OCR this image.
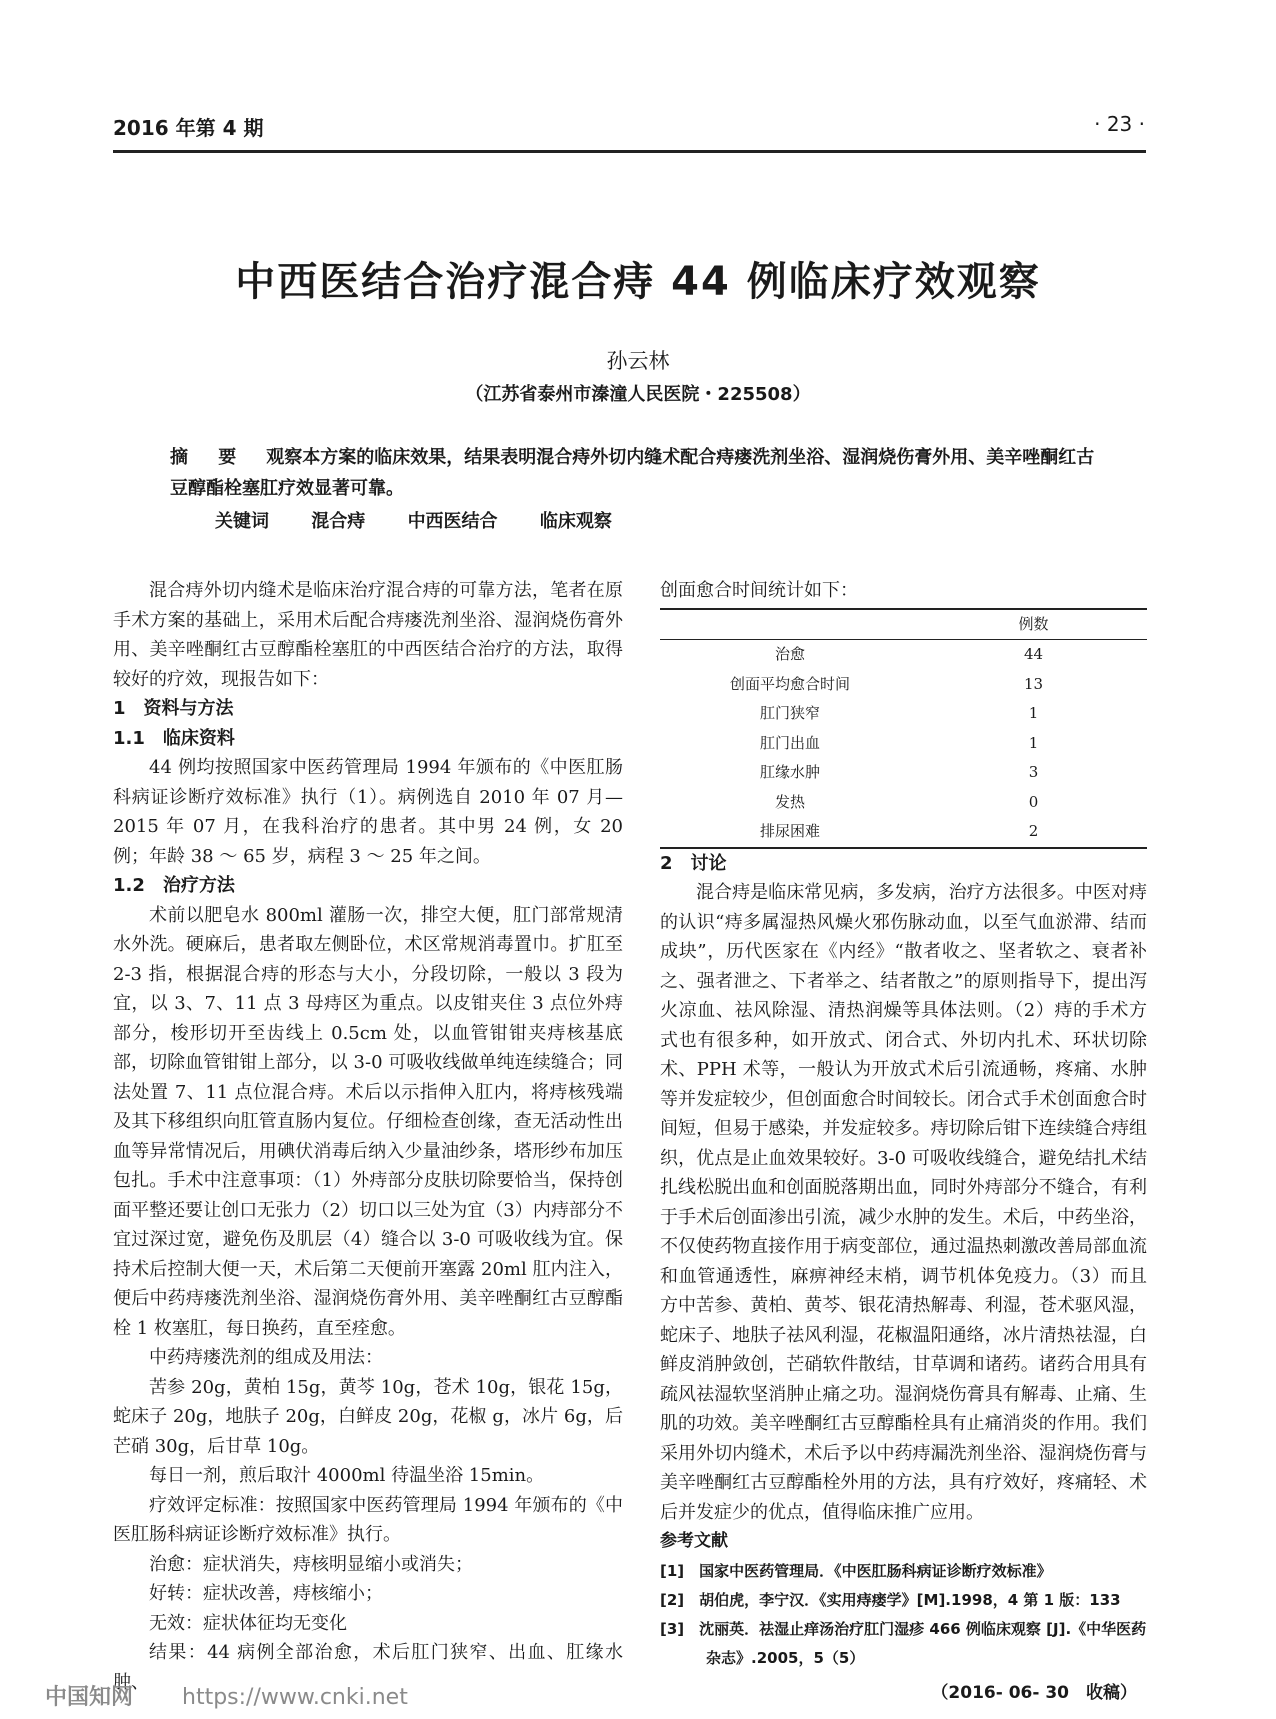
2016 年第 4 期	· 23 ·
中西医结合治疗混合痔 44 例临床疗效观察
孙云林
（江苏省泰州市溱潼人民医院・225508）
摘 要 观察本方案的临床效果，结果表明混合痔外切内缝术配合痔瘘洗剂坐浴、湿润烧伤膏外用、美辛唑酮红古豆醇酯栓塞肛疗效显著可靠。
关键词 混合痔 中西医结合 临床观察

混合痔外切内缝术是临床治疗混合痔的可靠方法，笔者在原手术方案的基础上，采用术后配合痔瘘洗剂坐浴、湿润烧伤膏外用、美辛唑酮红古豆醇酯栓塞肛的中西医结合治疗的方法，取得较好的疗效，现报告如下：

1　资料与方法

1.1　临床资料

44 例均按照国家中医药管理局 1994 年颁布的《中医肛肠科病证诊断疗效标准》执行（1）。病例选自 2010 年 07 月—2015 年 07 月，在我科治疗的患者。其中男 24 例，女 20 例；年龄 38 ～ 65 岁，病程 3 ～ 25 年之间。

1.2　治疗方法

术前以肥皂水 800ml 灌肠一次，排空大便，肛门部常规清水外洗。硬麻后，患者取左侧卧位，术区常规消毒置巾。扩肛至 2-3 指，根据混合痔的形态与大小，分段切除，一般以 3 段为宜，以 3、7、11 点 3 母痔区为重点。以皮钳夹住 3 点位外痔部分，梭形切开至齿线上 0.5cm 处，以血管钳钳夹痔核基底部，切除血管钳钳上部分，以 3-0 可吸收线做单纯连续缝合；同法处置 7、11 点位混合痔。术后以示指伸入肛内，将痔核残端及其下移组织向肛管直肠内复位。仔细检查创缘，查无活动性出血等异常情况后，用碘伏消毒后纳入少量油纱条，塔形纱布加压包扎。手术中注意事项：（1）外痔部分皮肤切除要恰当，保持创面平整还要让创口无张力（2）切口以三处为宜（3）内痔部分不宜过深过宽，避免伤及肌层（4）缝合以 3-0 可吸收线为宜。保持术后控制大便一天，术后第二天便前开塞露 20ml 肛内注入，便后中药痔瘘洗剂坐浴、湿润烧伤膏外用、美辛唑酮红古豆醇酯栓 1 枚塞肛，每日换药，直至痊愈。

中药痔瘘洗剂的组成及用法：

苦参 20g，黄柏 15g，黄芩 10g，苍术 10g，银花 15g，蛇床子 20g，地肤子 20g，白鲜皮 20g，花椒 g，冰片 6g，后芒硝 30g，后甘草 10g。

每日一剂，煎后取汁 4000ml 待温坐浴 15min。

疗效评定标准：按照国家中医药管理局 1994 年颁布的《中医肛肠科病证诊断疗效标准》执行。

治愈：症状消失，痔核明显缩小或消失；

好转：症状改善，痔核缩小；

无效：症状体征均无变化

结果：44 病例全部治愈，术后肛门狭窄、出血、肛缘水肿、

创面愈合时间统计如下：

	例数
治愈	44
创面平均愈合时间	13
肛门狭窄	1
肛门出血	1
肛缘水肿	3
发热	0
排尿困难	2

2　讨论

混合痔是临床常见病，多发病，治疗方法很多。中医对痔的认识“痔多属湿热风燥火邪伤脉动血，以至气血淤滞、结而成块”，历代医家在《内经》“散者收之、坚者软之、衰者补之、强者泄之、下者举之、结者散之”的原则指导下，提出泻火凉血、祛风除湿、清热润燥等具体法则。（2）痔的手术方式也有很多种，如开放式、闭合式、外切内扎术、环状切除术、PPH 术等，一般认为开放式术后引流通畅，疼痛、水肿等并发症较少，但创面愈合时间较长。闭合式手术创面愈合时间短，但易于感染，并发症较多。痔切除后钳下连续缝合痔组织，优点是止血效果较好。3-0 可吸收线缝合，避免结扎术结扎线松脱出血和创面脱落期出血，同时外痔部分不缝合，有利于手术后创面渗出引流，减少水肿的发生。术后，中药坐浴，不仅使药物直接作用于病变部位，通过温热刺激改善局部血流和血管通透性，麻痹神经末梢，调节机体免疫力。（3）而且方中苦参、黄柏、黄芩、银花清热解毒、利湿，苍术驱风湿，蛇床子、地肤子祛风利湿，花椒温阳通络，冰片清热祛湿，白鲜皮消肿敛创，芒硝软件散结，甘草调和诸药。诸药合用具有疏风祛湿软坚消肿止痛之功。湿润烧伤膏具有解毒、止痛、生肌的功效。美辛唑酮红古豆醇酯栓具有止痛消炎的作用。我们采用外切内缝术，术后予以中药痔漏洗剂坐浴、湿润烧伤膏与美辛唑酮红古豆醇酯栓外用的方法，具有疗效好，疼痛轻、术后并发症少的优点，值得临床推广应用。

参考文献

[1]　 国家中医药管理局．《中医肛肠科病证诊断疗效标准》
[2]　 胡伯虎，李宁汉．《实用痔瘘学》[M].1998，4 第 1 版：133
[3]　 沈丽英．祛湿止痒汤治疗肛门湿疹 466 例临床观察 [J].《中华医药杂志》.2005，5（5）
（2016- 06- 30　收稿）
中国知网 https://www.cnki.net
